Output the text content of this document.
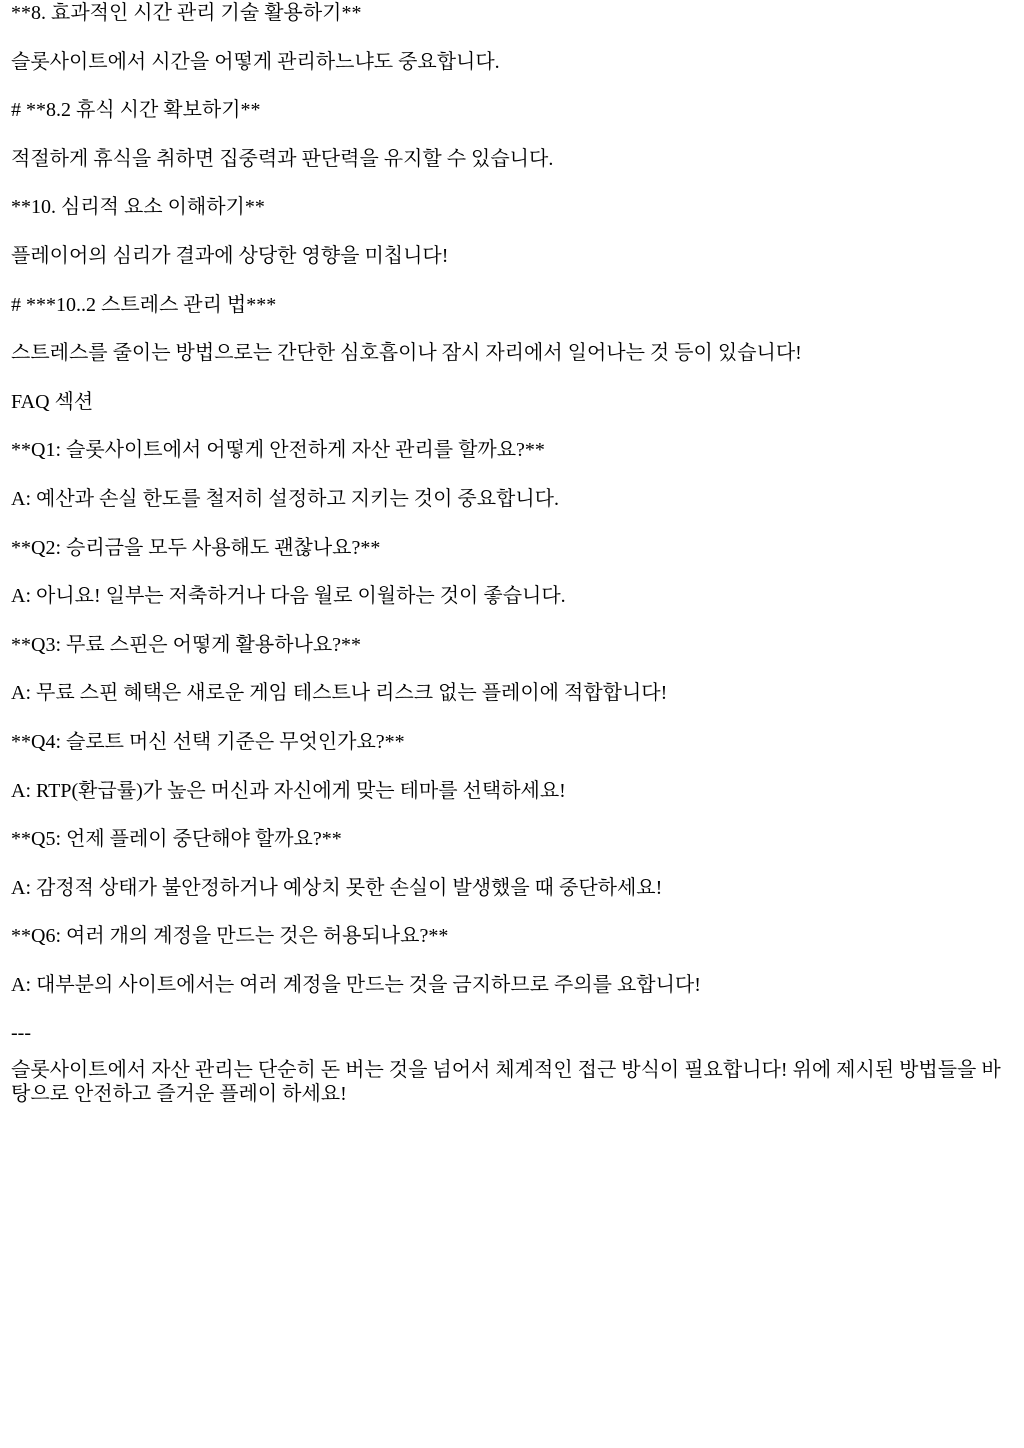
**8. 효과적인 시간 관리 기술 활용하기**

슬롯사이트에서 시간을 어떻게 관리하느냐도 중요합니다.

# **8.2 휴식 시간 확보하기**

적절하게 휴식을 취하면 집중력과 판단력을 유지할 수 있습니다.

**10. 심리적 요소 이해하기**

플레이어의 심리가 결과에 상당한 영향을 미칩니다!

# ***10..2 스트레스 관리 법***

스트레스를 줄이는 방법으로는 간단한 심호흡이나 잠시 자리에서 일어나는 것 등이 있습니다!

FAQ 섹션

**Q1: 슬롯사이트에서 어떻게 안전하게 자산 관리를 할까요?**

A: 예산과 손실 한도를 철저히 설정하고 지키는 것이 중요합니다.

**Q2: 승리금을 모두 사용해도 괜찮나요?**

A: 아니요! 일부는 저축하거나 다음 월로 이월하는 것이 좋습니다.

**Q3: 무료 스핀은 어떻게 활용하나요?**

A: 무료 스핀 혜택은 새로운 게임 테스트나 리스크 없는 플레이에 적합합니다!

**Q4: 슬로트 머신 선택 기준은 무엇인가요?**

A: RTP(환급률)가 높은 머신과 자신에게 맞는 테마를 선택하세요!

**Q5: 언제 플레이 중단해야 할까요?**

A: 감정적 상태가 불안정하거나 예상치 못한 손실이 발생했을 때 중단하세요!

**Q6: 여러 개의 계정을 만드는 것은 허용되나요?**

A: 대부분의 사이트에서는 여러 계정을 만드는 것을 금지하므로 주의를 요합니다!

---

슬롯사이트에서 자산 관리는 단순히 돈 버는 것을 넘어서 체계적인 접근 방식이 필요합니다! 위에 제시된 방법들을 바탕으로 안전하고 즐거운 플레이 하세요!
